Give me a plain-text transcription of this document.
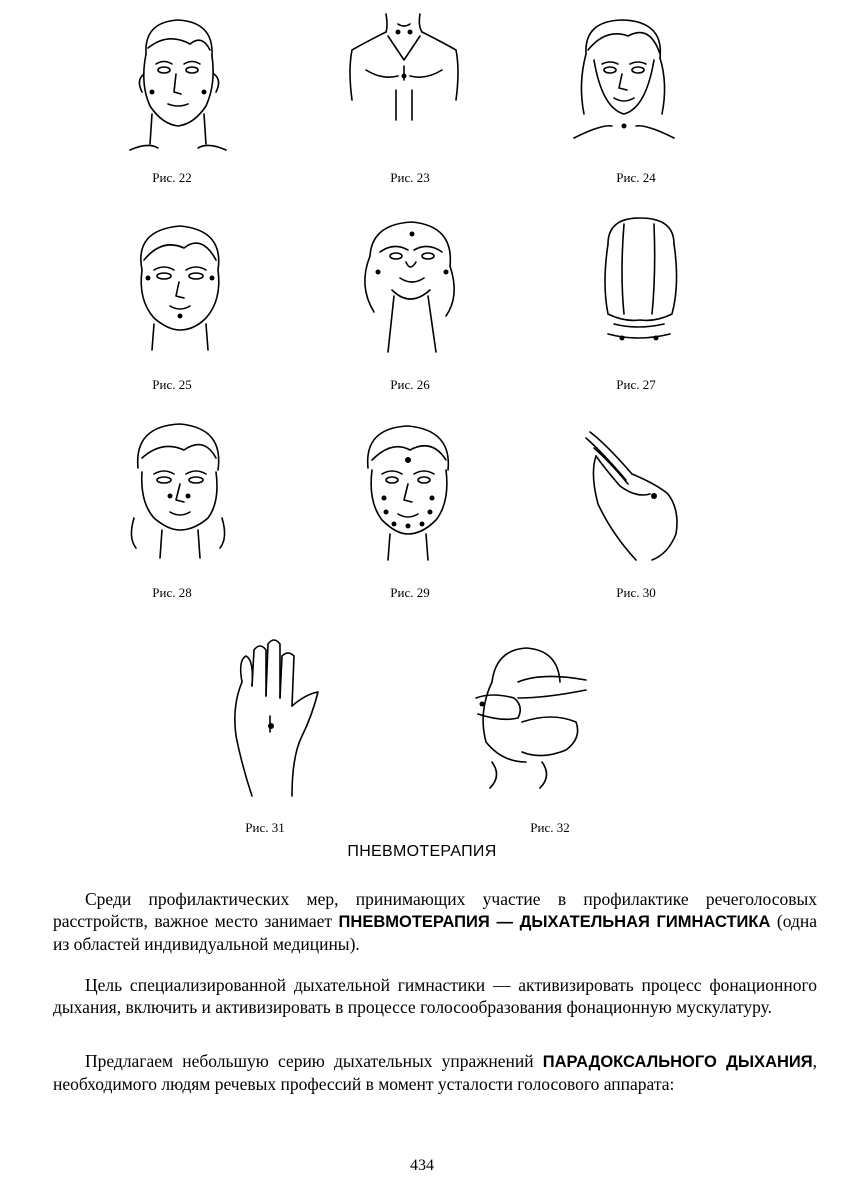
Рис. 22	Рис. 23	Рис. 24
Рис. 25	Рис. 26	Рис. 27
Рис. 28	Рис. 29	Рис. 30
Рис. 31	Рис. 32
ПНЕВМОТЕРАПИЯ
Среди профилактических мер, принимающих участие в профилактике речеголосовых расстройств, важное место занимает ПНЕВМОТЕРАПИЯ — ДЫХАТЕЛЬНАЯ ГИМНАСТИКА (одна из областей индивидуальной медицины).
Цель специализированной дыхательной гимнастики — активизировать процесс фонационного дыхания, включить и активизировать в процессе голосообразования фонационную мускулатуру.
Предлагаем небольшую серию дыхательных упражнений ПАРАДОКСАЛЬНОГО ДЫХАНИЯ, необходимого людям речевых профессий в момент усталости голосового аппарата:
434
